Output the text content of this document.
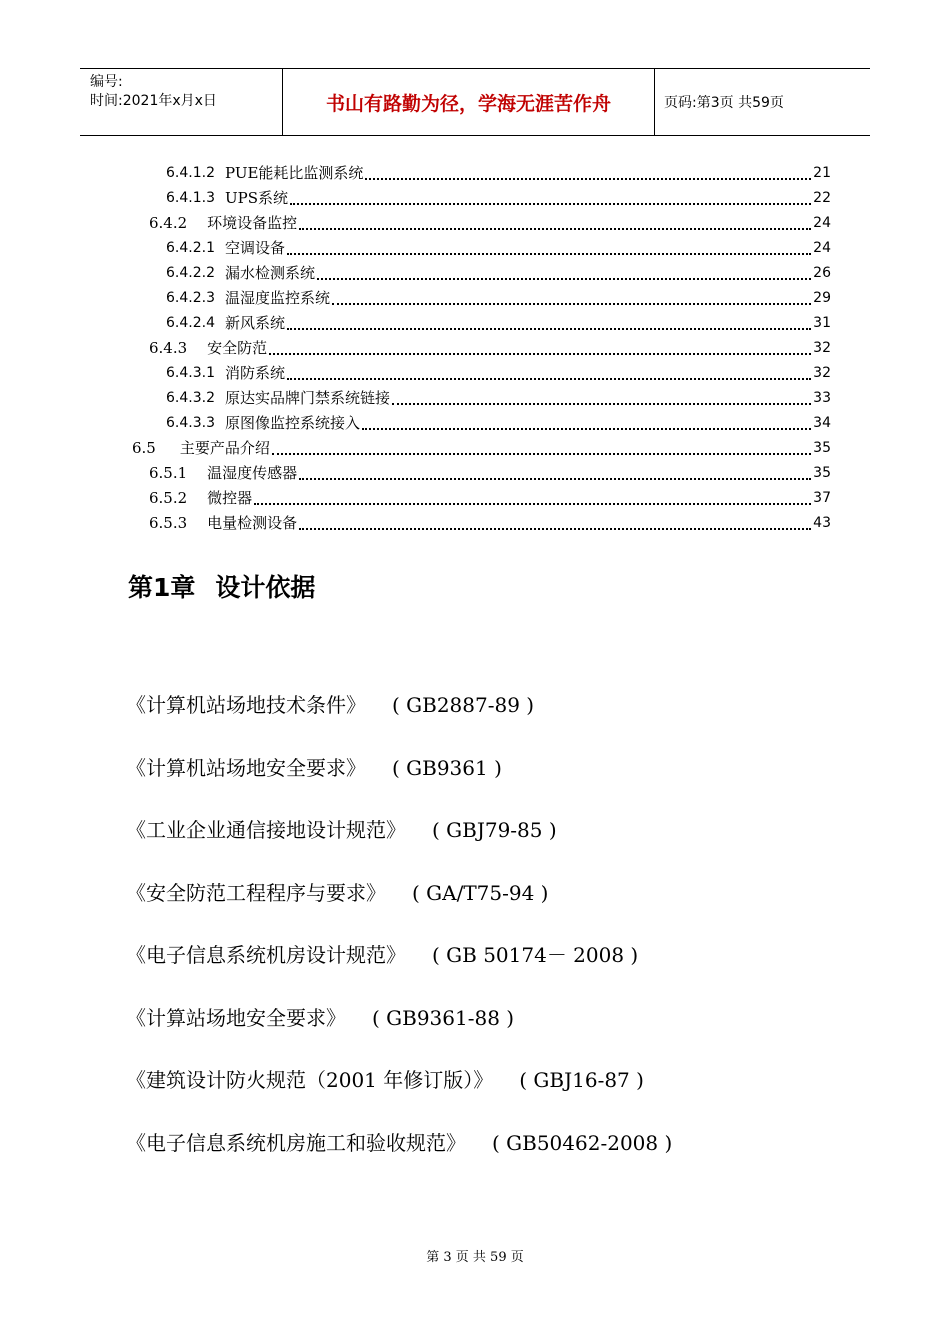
编号:
时间:2021年x月x日	书山有路勤为径，学海无涯苦作舟	页码:第3页 共59页
6.4.1.2 PUE能耗比监测系统	21
6.4.1.3 UPS系统	22
6.4.2 环境设备监控	24
6.4.2.1 空调设备	24
6.4.2.2 漏水检测系统	26
6.4.2.3 温湿度监控系统	29
6.4.2.4 新风系统	31
6.4.3 安全防范	32
6.4.3.1 消防系统	32
6.4.3.2 原达实品牌门禁系统链接	33
6.4.3.3 原图像监控系统接入	34
6.5 主要产品介绍	35
6.5.1 温湿度传感器	35
6.5.2 微控器	37
6.5.3 电量检测设备	43
第1章 设计依据
《计算机站场地技术条件》 ( GB2887-89 )
《计算机站场地安全要求》 ( GB9361 )
《工业企业通信接地设计规范》 ( GBJ79-85 )
《安全防范工程程序与要求》 ( GA/T75-94 )
《电子信息系统机房设计规范》 ( GB 50174－ 2008 )
《计算站场地安全要求》 ( GB9361-88 )
《建筑设计防火规范（2001 年修订版）》 ( GBJ16-87 )
《电子信息系统机房施工和验收规范》 ( GB50462-2008 )
第 3 页 共 59 页
